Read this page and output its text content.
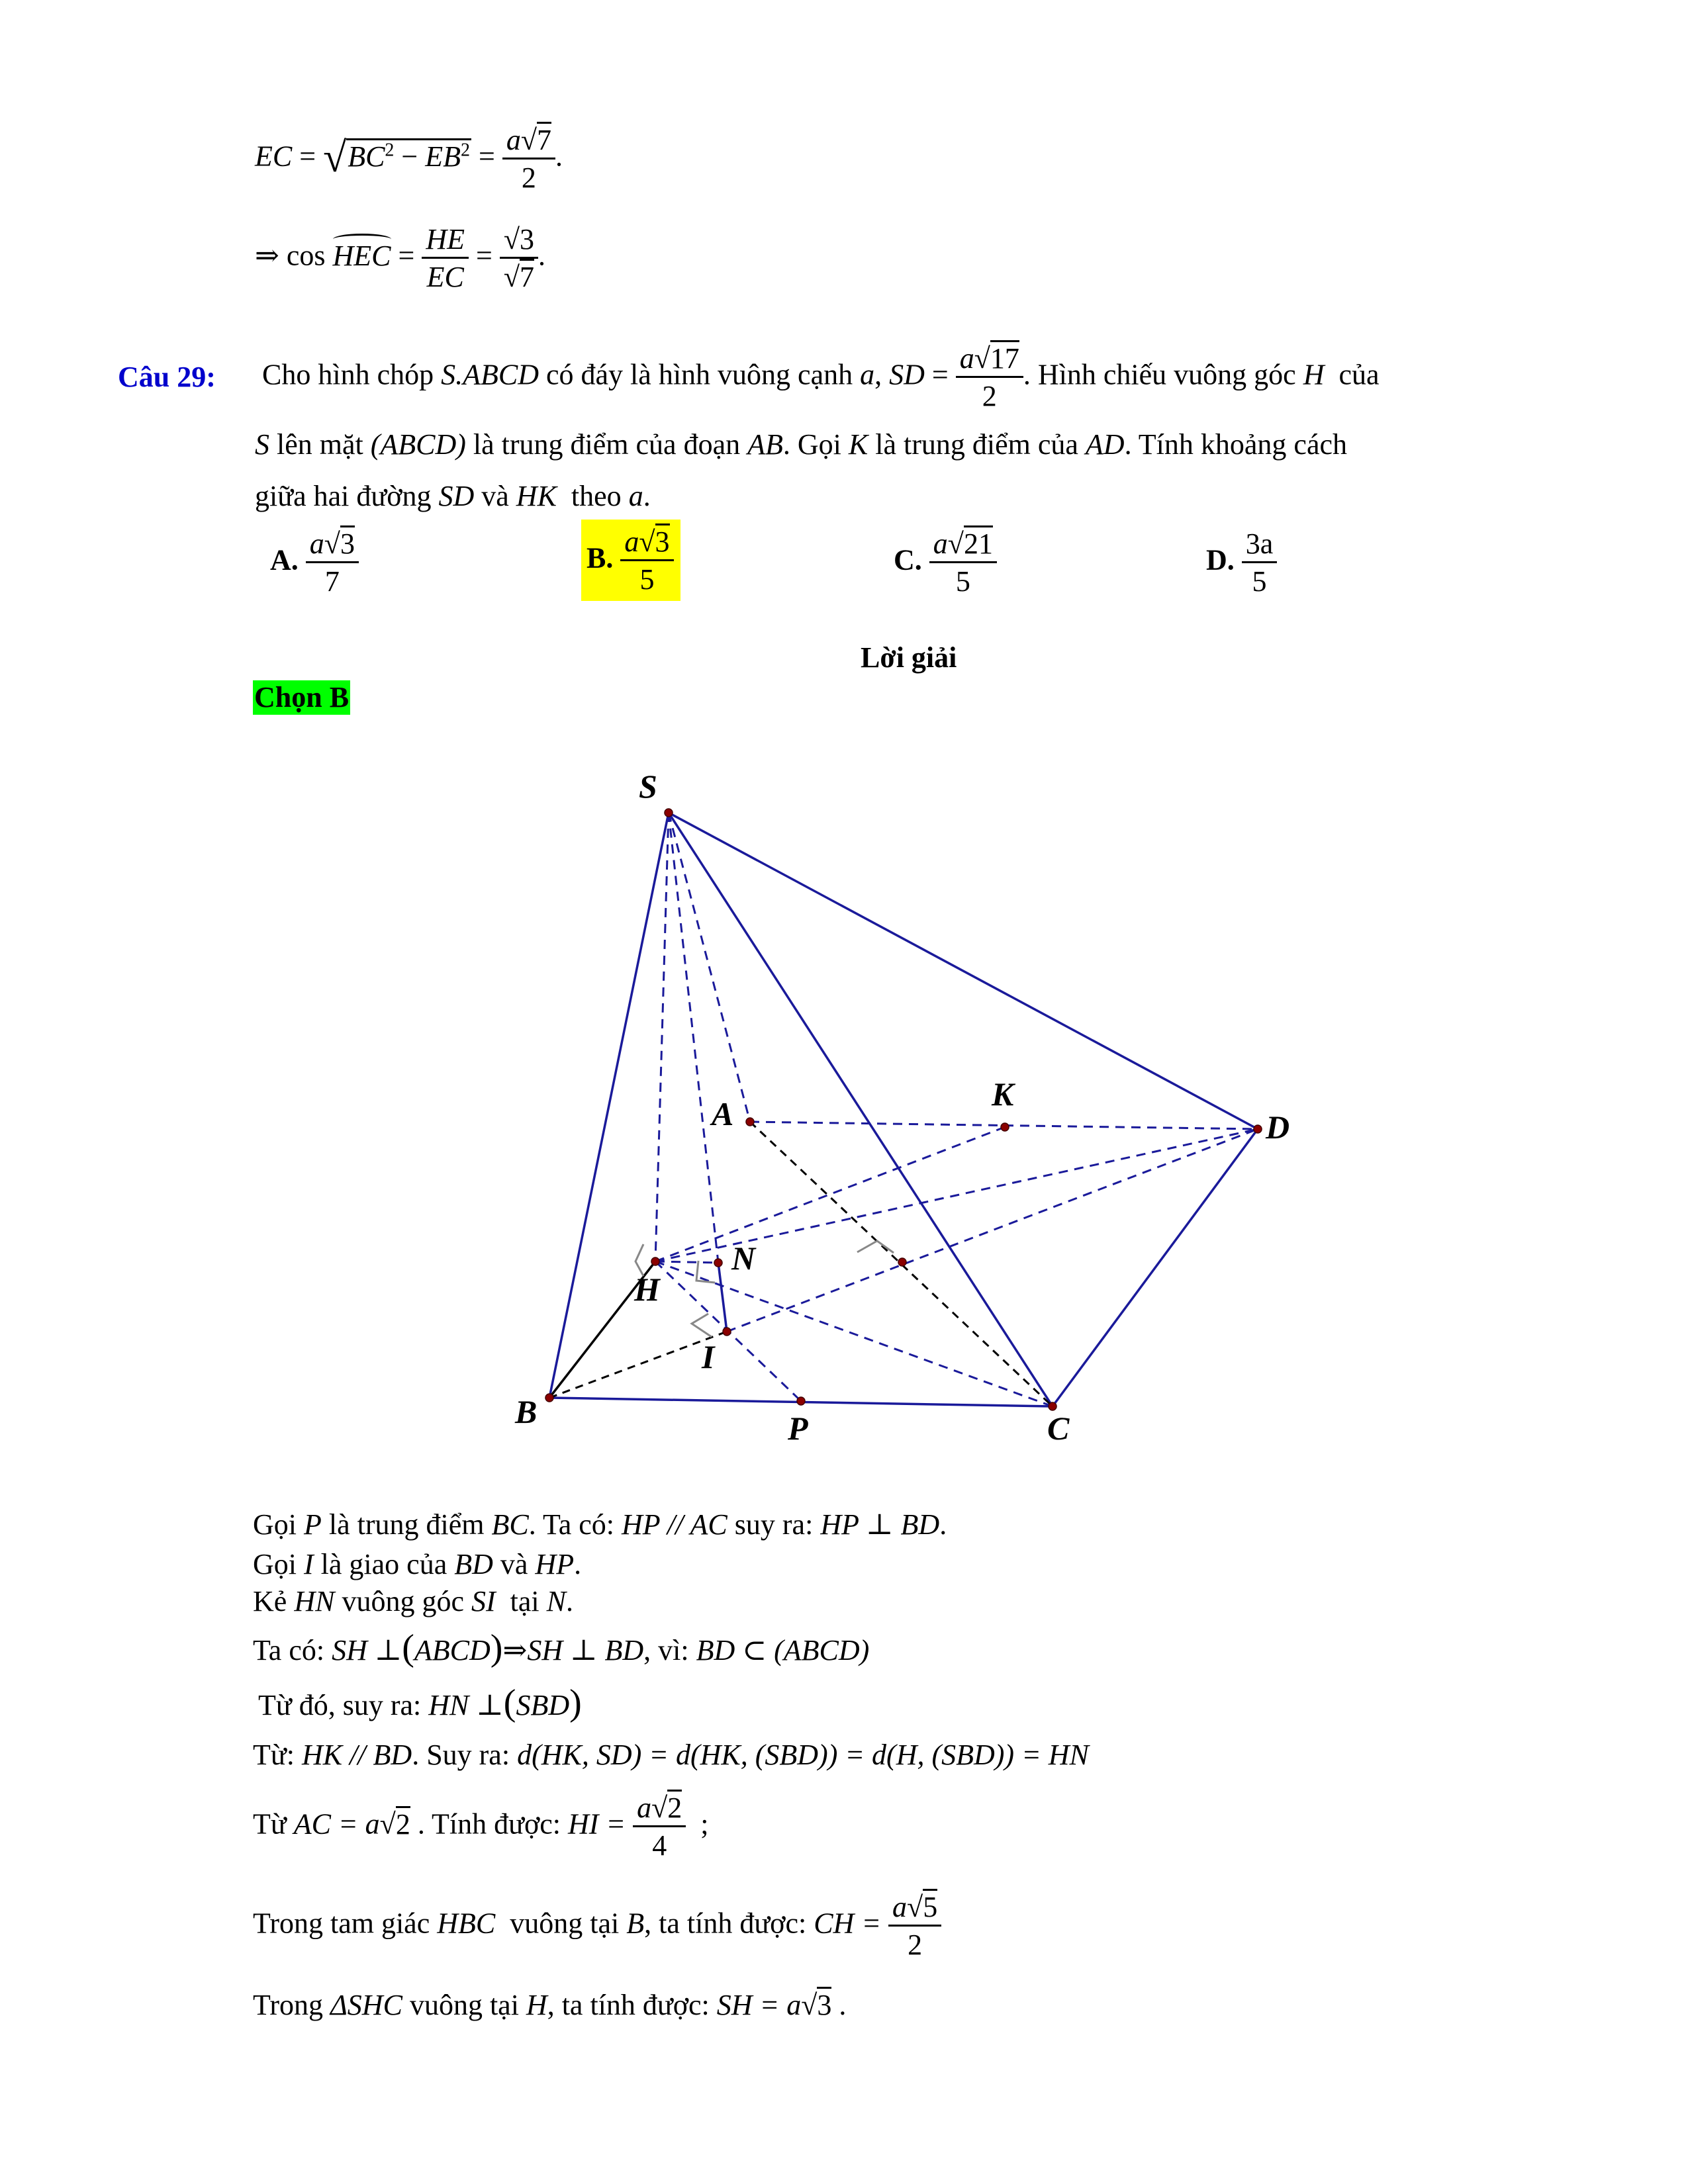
EC = $√BC^2 - EB^2 = \frac{a√7}{2}$ .
⇒ cos HEC = $\frac{HE}{EC} = \frac{√3}{√7}$ .
Câu 29: Cho hình chóp S.ABCD có đáy là hình vuông cạnh a, SD = $\frac{a√17}{2}$ . Hình chiếu vuông góc H của
S lên mặt (ABCD) là trung điểm của đoạn AB. Gọi K là trung điểm của AD. Tính khoảng cách
giữa hai đường SD và HK theo a.
A. $\frac{a√3}{7}$	B. $\frac{a√3}{5}$	C. $\frac{a√21}{5}$	D. $\frac{3a}{5}$
Lời giải
Chọn B
S
A
K
D
N
H
I
B	P	C
Gọi P là trung điểm BC. Ta có: HP // AC suy ra: HP ⊥ BD.
Gọi I là giao của BD và HP.
Kẻ HN vuông góc SI tại N.
Ta có: SH ⊥(ABCD)⇒SH ⊥ BD, vì: BD ⊂ (ABCD)
Từ đó, suy ra: HN ⊥(SBD)
Từ: HK // BD. Suy ra: d(HK, SD) = d(HK, (SBD)) = d(H, (SBD)) = HN
Từ AC = a√2 . Tính được: HI = $\frac{a√2}{4}$ ;
Trong tam giác HBC vuông tại B, ta tính được: CH = $\frac{a√5}{2}$
Trong ΔSHC vuông tại H, ta tính được: SH = a√3 .
